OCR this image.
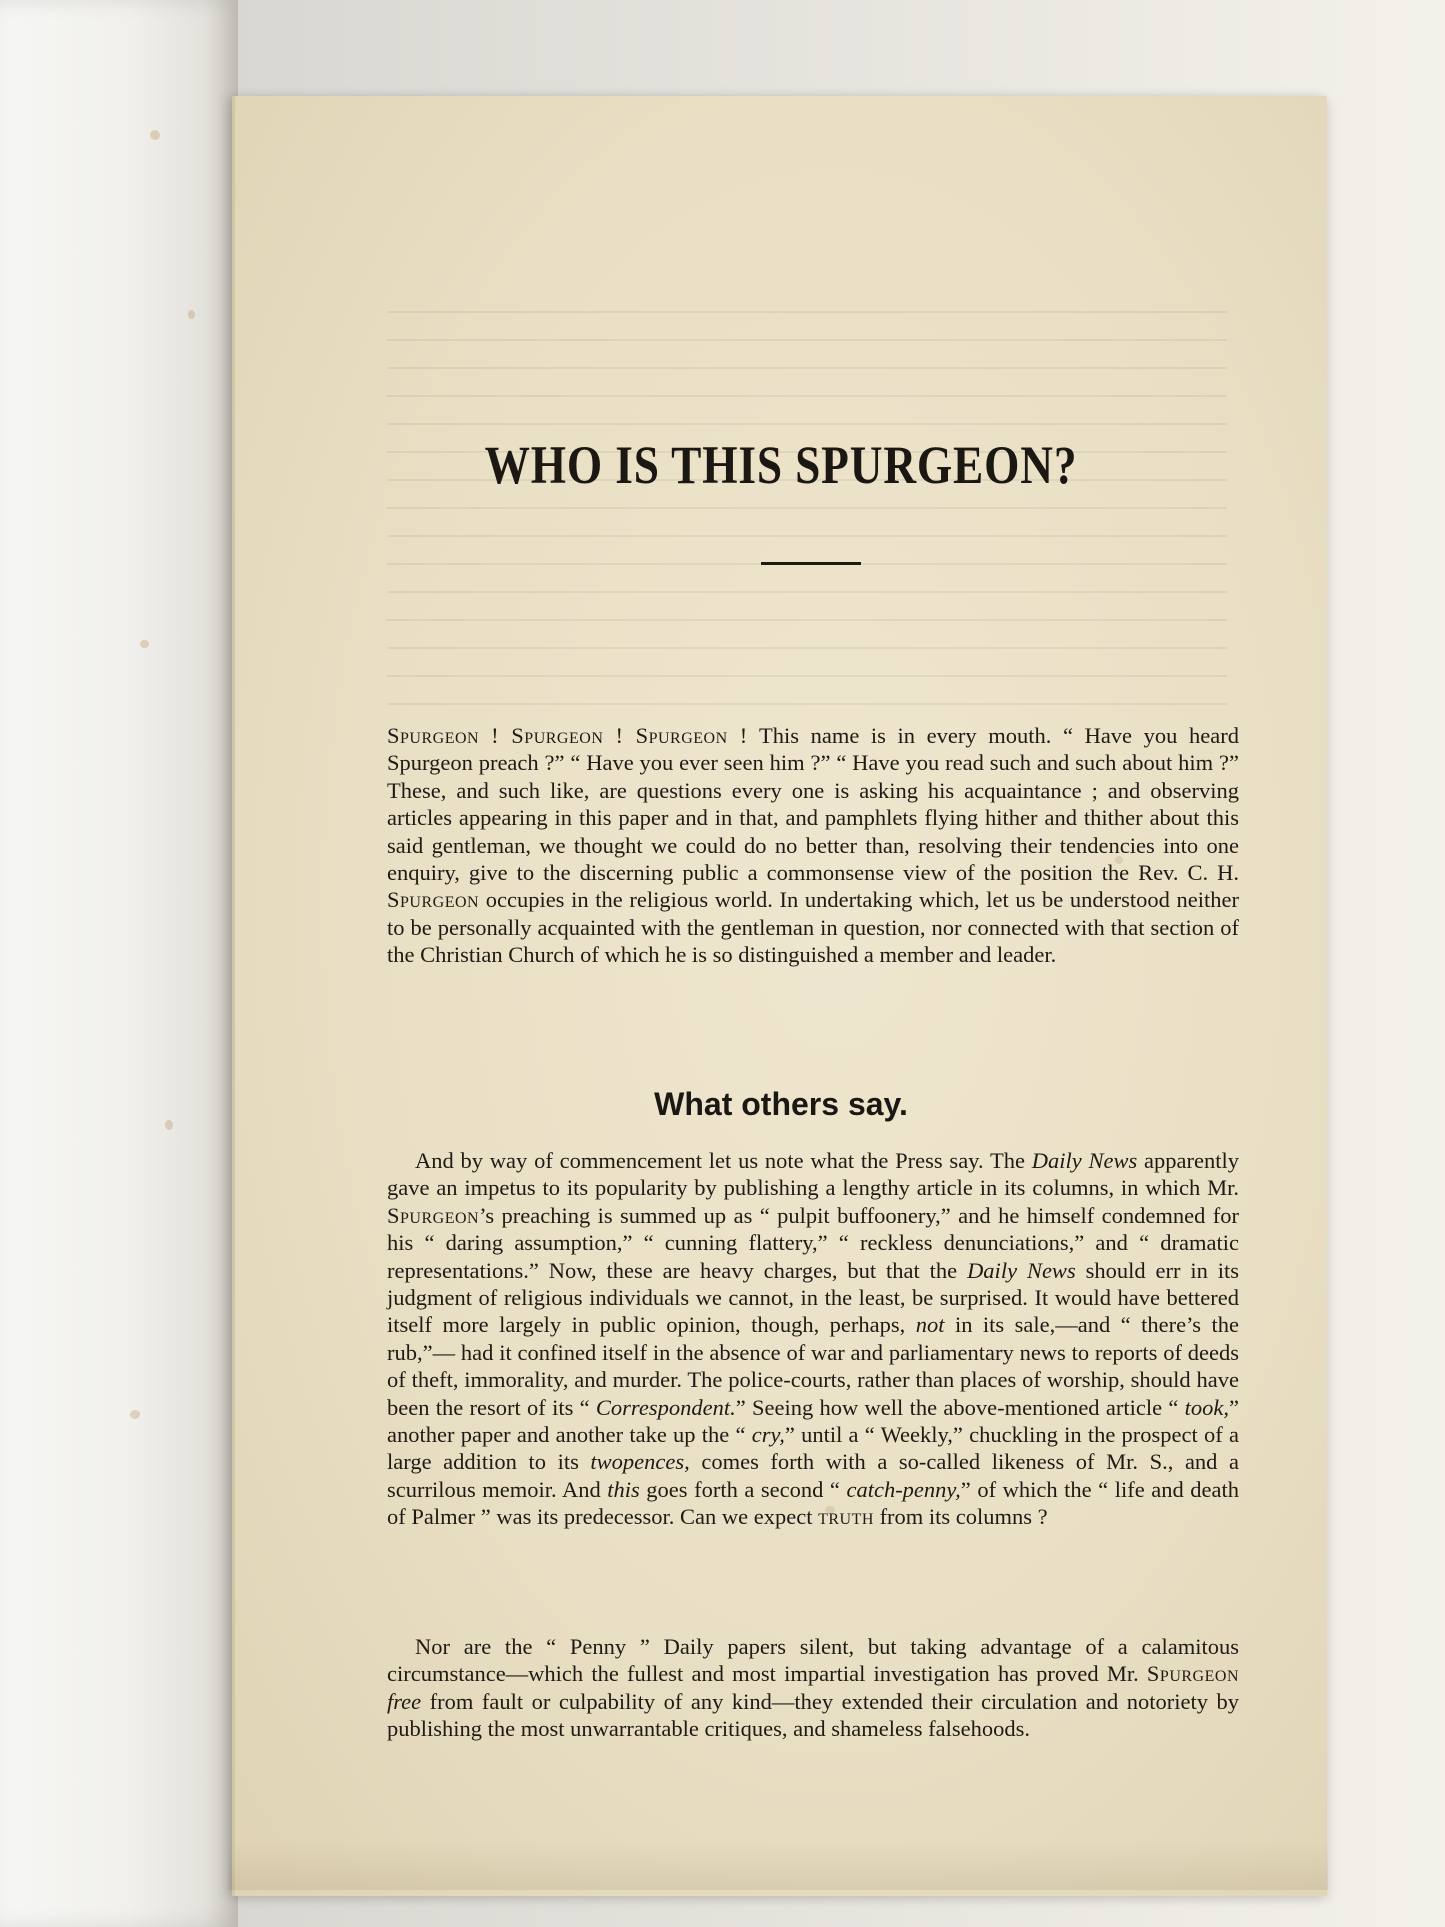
WHO IS THIS SPURGEON?

Spurgeon ! Spurgeon ! Spurgeon ! This name is in every mouth. “ Have you heard Spurgeon preach ?” “ Have you ever seen him ?” “ Have you read such and such about him ?” These, and such like, are questions every one is asking his acquaintance ; and observing articles appearing in this paper and in that, and pamphlets flying hither and thither about this said gentleman, we thought we could do no better than, resolving their tendencies into one enquiry, give to the discerning public a commonsense view of the position the Rev. C. H. Spurgeon occupies in the religious world. In undertaking which, let us be understood neither to be personally acquainted with the gentleman in question, nor connected with that section of the Christian Church of which he is so distinguished a member and leader.

What others say.

And by way of commencement let us note what the Press say. The Daily News apparently gave an impetus to its popularity by publishing a lengthy article in its columns, in which Mr. Spurgeon’s preaching is summed up as “ pulpit buffoonery,” and he himself condemned for his “ daring assumption,” “ cunning flattery,” “ reckless denunciations,” and “ dramatic representations.” Now, these are heavy charges, but that the Daily News should err in its judgment of religious individuals we cannot, in the least, be surprised. It would have bettered itself more largely in public opinion, though, perhaps, not in its sale,—and “ there’s the rub,”— had it confined itself in the absence of war and parliamentary news to reports of deeds of theft, immorality, and murder. The police-courts, rather than places of worship, should have been the resort of its “ Correspondent.” Seeing how well the above-mentioned article “ took,” another paper and another take up the “ cry,” until a “ Weekly,” chuckling in the prospect of a large addition to its twopences, comes forth with a so-called likeness of Mr. S., and a scurrilous memoir. And this goes forth a second “ catch-penny,” of which the “ life and death of Palmer ” was its predecessor. Can we expect truth from its columns ?

Nor are the “ Penny ” Daily papers silent, but taking advantage of a calamitous circumstance—which the fullest and most impartial investigation has proved Mr. Spurgeon free from fault or culpability of any kind—they extended their circulation and notoriety by publishing the most unwarrantable critiques, and shameless falsehoods.
